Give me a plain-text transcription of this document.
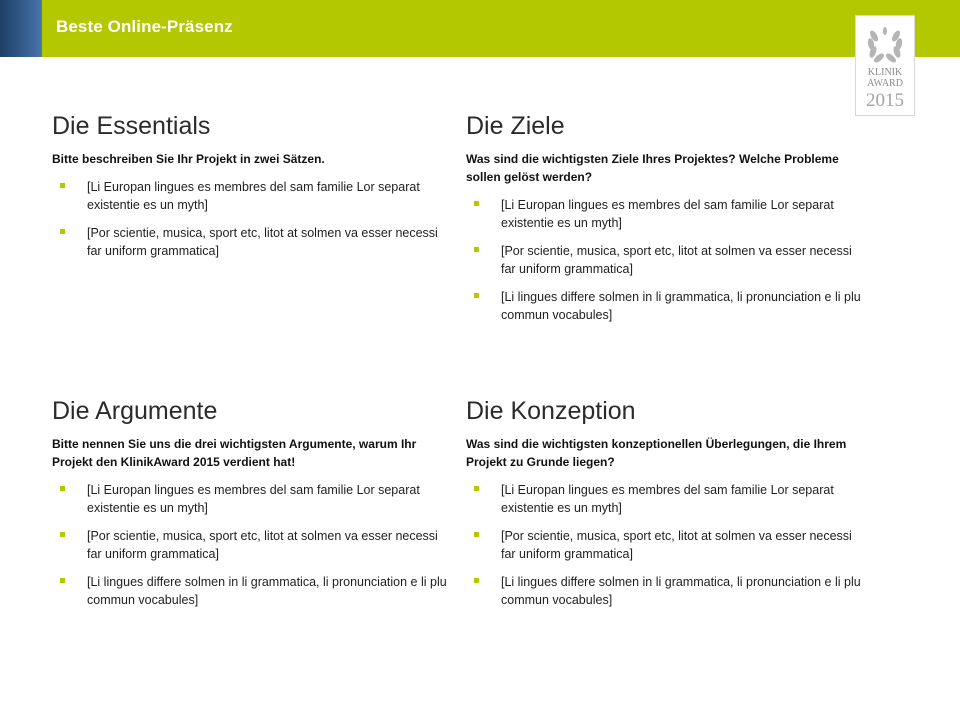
Beste Online-Präsenz
KLINIK
AWARD
2015
Die Essentials

Bitte beschreiben Sie Ihr Projekt in zwei Sätzen.

[Li Europan lingues es membres del sam familie Lor separat existentie es un myth]
[Por scientie, musica, sport etc, litot at solmen va esser necessi far uniform grammatica]
Die Ziele

Was sind die wichtigsten Ziele Ihres Projektes? Welche Probleme sollen gelöst werden?

[Li Europan lingues es membres del sam familie Lor separat existentie es un myth]
[Por scientie, musica, sport etc, litot at solmen va esser necessi far uniform grammatica]
[Li lingues differe solmen in li grammatica, li pronunciation e li plu commun vocabules]
Die Argumente

Bitte nennen Sie uns die drei wichtigsten Argumente, warum Ihr Projekt den KlinikAward 2015 verdient hat!

[Li Europan lingues es membres del sam familie Lor separat existentie es un myth]
[Por scientie, musica, sport etc, litot at solmen va esser necessi far uniform grammatica]
[Li lingues differe solmen in li grammatica, li pronunciation e li plu commun vocabules]
Die Konzeption

Was sind die wichtigsten konzeptionellen Überlegungen, die Ihrem Projekt zu Grunde liegen?

[Li Europan lingues es membres del sam familie Lor separat existentie es un myth]
[Por scientie, musica, sport etc, litot at solmen va esser necessi far uniform grammatica]
[Li lingues differe solmen in li grammatica, li pronunciation e li plu commun vocabules]
